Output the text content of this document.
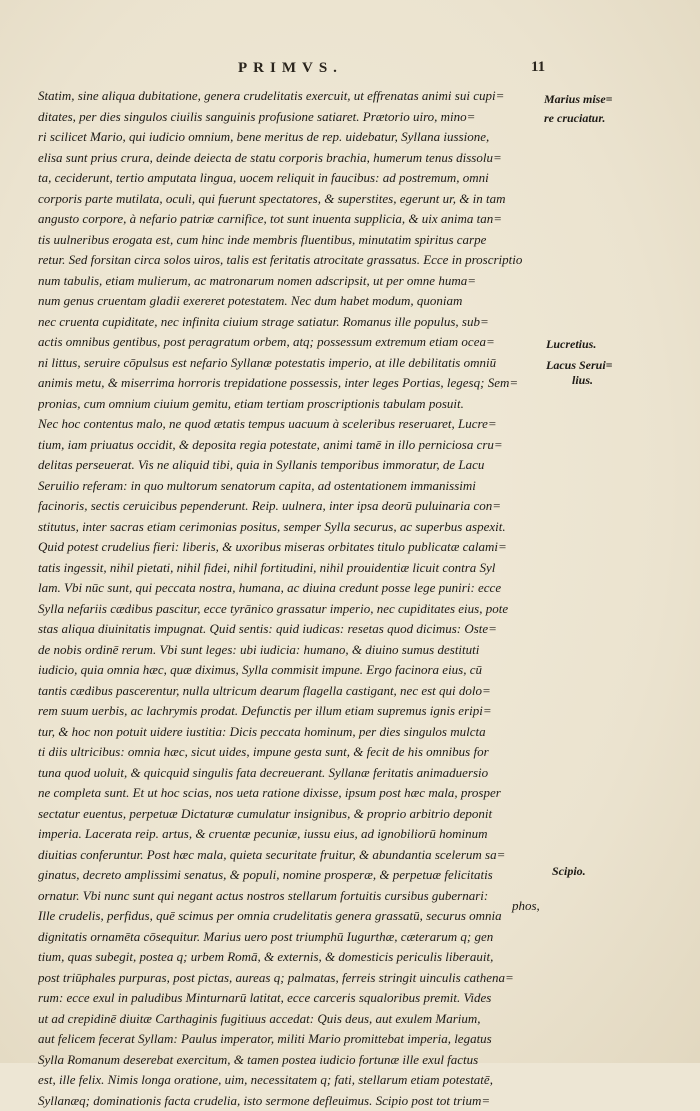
PRIMVS.	11
Statim, sine aliqua dubitatione, genera crudelitatis exercuit, ut effrenatas animi sui cupi=
ditates, per dies singulos ciuilis sanguinis profusione satiaret. Prætorio uiro, mino=
ri scilicet Mario, qui iudicio omnium, bene meritus de rep. uidebatur, Syllana iussione,
elisa sunt prius crura, deinde deiecta de statu corporis brachia, humerum tenus dissolu=
ta, ceciderunt, tertio amputata lingua, uocem reliquit in faucibus: ad postremum, omni
corporis parte mutilata, oculi, qui fuerunt spectatores, & superstites, egerunt ur, & in tam
angusto corpore, à nefario patriæ carnifice, tot sunt inuenta supplicia, & uix anima tan=
tis uulneribus erogata est, cum hinc inde membris fluentibus, minutatim spiritus carpe
retur. Sed forsitan circa solos uiros, talis est feritatis atrocitate grassatus. Ecce in proscriptio
num tabulis, etiam mulierum, ac matronarum nomen adscripsit, ut per omne huma=
num genus cruentam gladii exereret potestatem. Nec dum habet modum, quoniam
nec cruenta cupiditate, nec infinita ciuium strage satiatur. Romanus ille populus, sub=
actis omnibus gentibus, post peragratum orbem, atq; possessum extremum etiam ocea=
ni littus, seruire cōpulsus est nefario Syllanæ potestatis imperio, at ille debilitatis omniū
animis metu, & miserrima horroris trepidatione possessis, inter leges Portias, legesq; Sem=
pronias, cum omnium ciuium gemitu, etiam tertiam proscriptionis tabulam posuit.
Nec hoc contentus malo, ne quod ætatis tempus uacuum à sceleribus reseruaret, Lucre=
tium, iam priuatus occidit, & deposita regia potestate, animi tamē in illo perniciosa cru=
delitas perseuerat. Vis ne aliquid tibi, quia in Syllanis temporibus immoratur, de Lacu
Seruilio referam: in quo multorum senatorum capita, ad ostentationem immanissimi
facinoris, sectis ceruicibus pependerunt. Reip. uulnera, inter ipsa deorū puluinaria con=
stitutus, inter sacras etiam cerimonias positus, semper Sylla securus, ac superbus aspexit.
Quid potest crudelius fieri: liberis, & uxoribus miseras orbitates titulo publicatæ calami=
tatis ingessit, nihil pietati, nihil fidei, nihil fortitudini, nihil prouidentiæ licuit contra Syl
lam. Vbi nūc sunt, qui peccata nostra, humana, ac diuina credunt posse lege puniri: ecce
Sylla nefariis cædibus pascitur, ecce tyrānico grassatur imperio, nec cupiditates eius, pote
stas aliqua diuinitatis impugnat. Quid sentis: quid iudicas: resetas quod dicimus: Oste=
de nobis ordinē rerum. Vbi sunt leges: ubi iudicia: humano, & diuino sumus destituti
iudicio, quia omnia hæc, quæ diximus, Sylla commisit impune. Ergo facinora eius, cū
tantis cædibus pascerentur, nulla ultricum dearum flagella castigant, nec est qui dolo=
rem suum uerbis, ac lachrymis prodat. Defunctis per illum etiam supremus ignis eripi=
tur, & hoc non potuit uidere iustitia: Dicis peccata hominum, per dies singulos mulcta
ti diis ultricibus: omnia hæc, sicut uides, impune gesta sunt, & fecit de his omnibus for
tuna quod uoluit, & quicquid singulis fata decreuerant. Syllanæ feritatis animaduersio
ne completa sunt. Et ut hoc scias, nos ueta ratione dixisse, ipsum post hæc mala, prosper
sectatur euentus, perpetuæ Dictaturæ cumulatur insignibus, & proprio arbitrio deponit
imperia. Lacerata reip. artus, & cruentæ pecuniæ, iussu eius, ad ignobiliorū hominum
diuitias conferuntur. Post hæc mala, quieta securitate fruitur, & abundantia scelerum sa=
ginatus, decreto amplissimi senatus, & populi, nomine prosperæ, & perpetuæ felicitatis
ornatur. Vbi nunc sunt qui negant actus nostros stellarum fortuitis cursibus gubernari:
Ille crudelis, perfidus, quē scimus per omnia crudelitatis genera grassatū, securus omnia
dignitatis ornamēta cōsequitur. Marius uero post triumphū Iugurthæ, cæterarum q; gen
tium, quas subegit, postea q; urbem Romā, & externis, & domesticis periculis liberauit,
post triūphales purpuras, post pictas, aureas q; palmatas, ferreis stringit uinculis cathena=
rum: ecce exul in paludibus Minturnarū latitat, ecce carceris squaloribus premit. Vides
ut ad crepidinē diuitæ Carthaginis fugitiuus accedat: Quis deus, aut exulem Marium,
aut felicem fecerat Syllam: Paulus imperator, militi Mario promittebat imperia, legatus
Sylla Romanum deserebat exercitum, & tamen postea iudicio fortunæ ille exul factus
est, ille felix. Nimis longa oratione, uim, necessitatem q; fati, stellarum etiam potestatē,
Syllanæq; dominationis facta crudelia, isto sermone defleuimus. Scipio post tot trium=
Marius mise=
re cruciatur.
Lucretius.
Lacus Serui=
lius.
Scipio.
phos,
